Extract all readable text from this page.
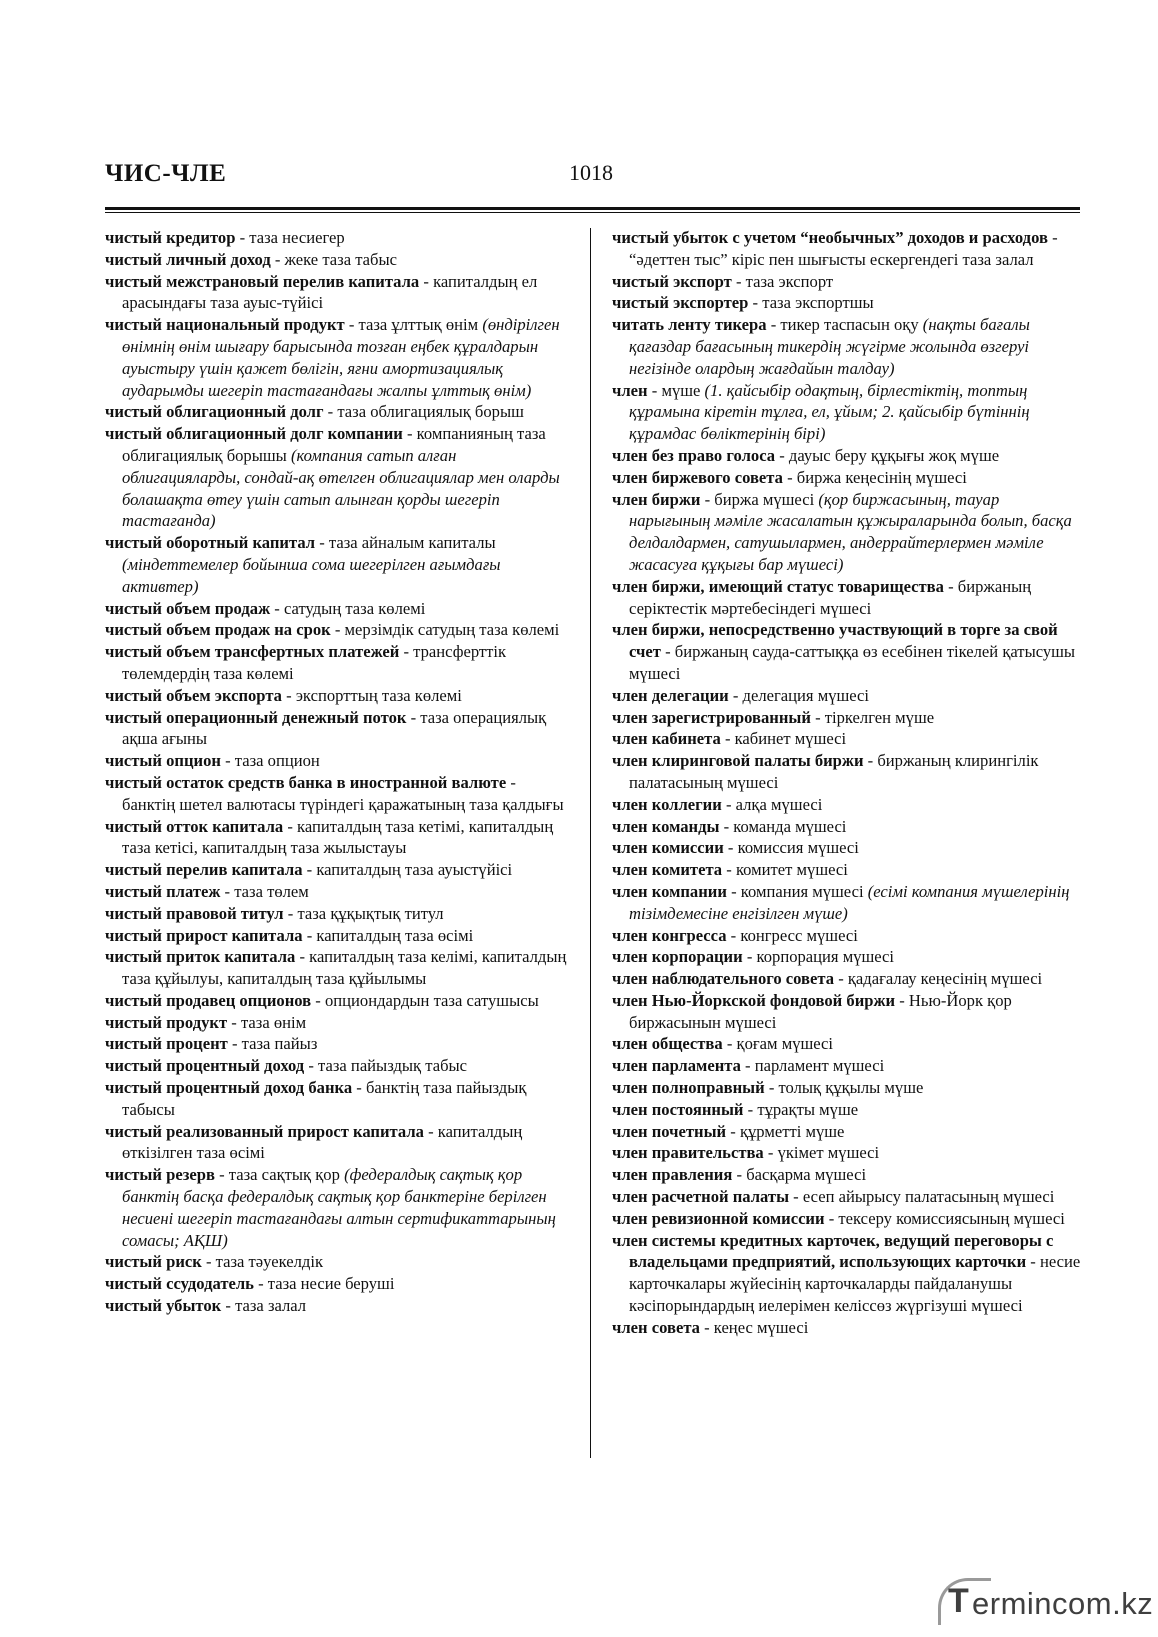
ЧИС-ЧЛЕ	1018

чистый кредитор - таза несиегер

чистый личный доход - жеке таза табыс

чистый межстрановый перелив капитала - капиталдың ел арасындағы таза ауыс-түйісі

чистый национальный продукт - таза ұлттық өнім (өндірілген өнімнің өнім шығару барысында тозған еңбек құралдарын ауыстыру үшін қажет бөлігін, яғни амортизациялық аударымды шегеріп тастағандағы жалпы ұлттық өнім)

чистый облигационный долг - таза облигациялық борыш

чистый облигационный долг компании - компанияның таза облигациялық борышы (компания сатып алған облигацияларды, сондай-ақ өтелген облигациялар мен оларды болашақта өтеу үшін сатып алынған қорды шегеріп тастағанда)

чистый оборотный капитал - таза айналым капиталы (міндеттемелер бойынша сома шегерілген ағымдағы активтер)

чистый объем продаж - сатудың таза көлемі

чистый объем продаж на срок - мерзімдік сатудың таза көлемі

чистый объем трансфертных платежей - трансферттік төлемдердің таза көлемі

чистый объем экспорта - экспорттың таза көлемі

чистый операционный денежный поток - таза операциялық ақша ағыны

чистый опцион - таза опцион

чистый остаток средств банка в иностранной валюте - банктің шетел валютасы түріндегі қаражатының таза қалдығы

чистый отток капитала - капиталдың таза кетімі, капиталдың таза кетісі, капиталдың таза жылыстауы

чистый перелив капитала - капиталдың таза ауыстүйісі

чистый платеж - таза төлем

чистый правовой титул - таза құқықтық титул

чистый прирост капитала - капиталдың таза өсімі

чистый приток капитала - капиталдың таза келімі, капиталдың таза құйылуы, капиталдың таза құйылымы

чистый продавец опционов - опциондардын таза сатушысы

чистый продукт - таза өнім

чистый процент - таза пайыз

чистый процентный доход - таза пайыздық табыс

чистый процентный доход банка - банктің таза пайыздық табысы

чистый реализованный прирост капитала - капиталдың өткізілген таза өсімі

чистый резерв - таза сақтық қор (федералдық сақтық қор банктің басқа федералдық сақтық қор банктеріне берілген несиені шегеріп тастағандағы алтын сертификаттарының сомасы; АҚШ)

чистый риск - таза тәуекелдік

чистый ссудодатель - таза несие беруші

чистый убыток - таза залал

чистый убыток с учетом “необычных” доходов и расходов - “әдеттен тыс” кіріс пен шығысты ескергендегі таза залал

чистый экспорт - таза экспорт

чистый экспортер - таза экспортшы

читать ленту тикера - тикер таспасын оқу (нақты бағалы қағаздар бағасының тикердің жүгірме жолында өзгеруі негізінде олардың жағдайын талдау)

член - мүше (1. қайсыбір одақтың, бірлестіктің, топтың құрамына кіретін тұлға, ел, ұйым; 2. қайсыбір бүтіннің құрамдас бөліктерінің бірі)

член без право голоса - дауыс беру құқығы жоқ мүше

член биржевого совета - биржа кеңесінің мүшесі

член биржи - биржа мүшесі (қор биржасының, тауар нарығының мәміле жасалатын құжыраларында болып, басқа делдалдармен, сатушылармен, андеррайтерлермен мәміле жасасуға құқығы бар мүшесі)

член биржи, имеющий статус товарищества - биржаның серіктестік мәртебесіндегі мүшесі

член биржи, непосредственно участвующий в торге за свой счет - биржаның сауда-саттыққа өз есебінен тікелей қатысушы мүшесі

член делегации - делегация мүшесі

член зарегистрированный - тіркелген мүше

член кабинета - кабинет мүшесі

член клиринговой палаты биржи - биржаның клирингілік палатасының мүшесі

член коллегии - алқа мүшесі

член команды - команда мүшесі

член комиссии - комиссия мүшесі

член комитета - комитет мүшесі

член компании - компания мүшесі (есімі компания мүшелерінің тізімдемесіне енгізілген мүше)

член конгресса - конгресс мүшесі

член корпорации - корпорация мүшесі

член наблюдательного совета - қадағалау кеңесінің мүшесі

член Нью-Йоркской фондовой биржи - Нью-Йорк қор биржасынын мүшесі

член общества - қоғам мүшесі

член парламента - парламент мүшесі

член полноправный - толық құқылы мүше

член постоянный - тұрақты мүше

член почетный - құрметті мүше

член правительства - үкімет мүшесі

член правления - басқарма мүшесі

член расчетной палаты - есеп айырысу палатасының мүшесі

член ревизионной комиссии - тексеру комиссиясының мүшесі

член системы кредитных карточек, ведущий переговоры с владельцами предприятий, использующих карточки - несие карточкалары жүйесінің карточкаларды пайдаланушы кәсіпорындардың иелерімен келіссөз жүргізуші мүшесі

член совета - кеңес мүшесі

T ermincom.kz
